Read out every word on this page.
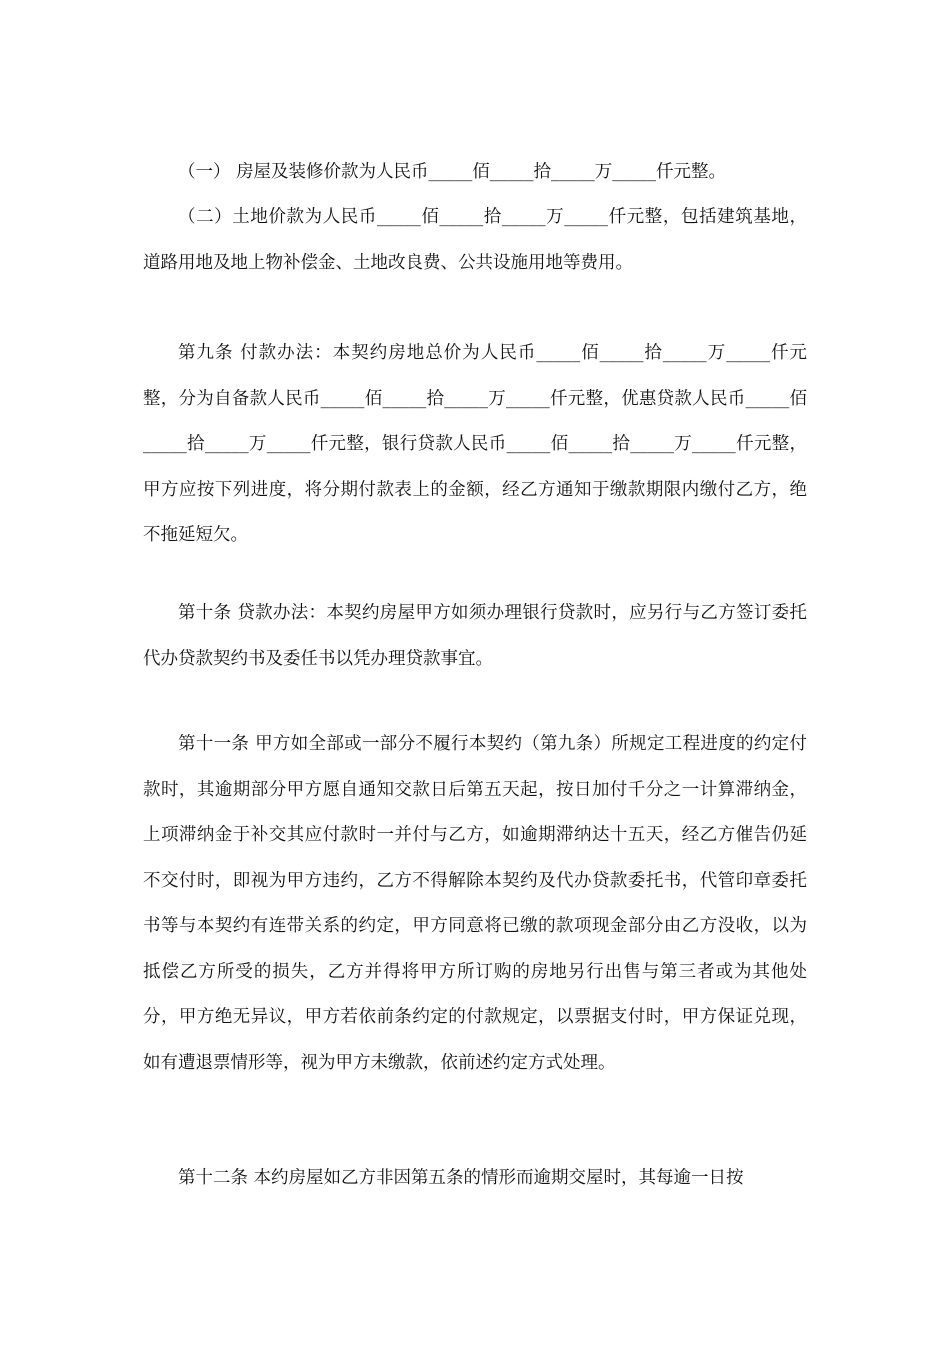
（一） 房屋及装修价款为人民币_____佰_____拾_____万_____仟元整。

（二）土地价款为人民币_____佰_____拾_____万_____仟元整，包括建筑基地，道路用地及地上物补偿金、土地改良费、公共设施用地等费用。

第九条 付款办法：本契约房地总价为人民币_____佰_____拾_____万_____仟元整，分为自备款人民币_____佰_____拾_____万_____仟元整，优惠贷款人民币_____佰_____拾_____万_____仟元整，银行贷款人民币_____佰_____拾_____万_____仟元整，甲方应按下列进度，将分期付款表上的金额，经乙方通知于缴款期限内缴付乙方，绝不拖延短欠。

第十条 贷款办法：本契约房屋甲方如须办理银行贷款时，应另行与乙方签订委托代办贷款契约书及委任书以凭办理贷款事宜。

第十一条 甲方如全部或一部分不履行本契约（第九条）所规定工程进度的约定付款时，其逾期部分甲方愿自通知交款日后第五天起，按日加付千分之一计算滞纳金，上项滞纳金于补交其应付款时一并付与乙方，如逾期滞纳达十五天，经乙方催告仍延不交付时，即视为甲方违约，乙方不得解除本契约及代办贷款委托书，代管印章委托书等与本契约有连带关系的约定，甲方同意将已缴的款项现金部分由乙方没收，以为抵偿乙方所受的损失，乙方并得将甲方所订购的房地另行出售与第三者或为其他处分，甲方绝无异议，甲方若依前条约定的付款规定，以票据支付时，甲方保证兑现，如有遭退票情形等，视为甲方未缴款，依前述约定方式处理。

第十二条 本约房屋如乙方非因第五条的情形而逾期交屋时，其每逾一日按
